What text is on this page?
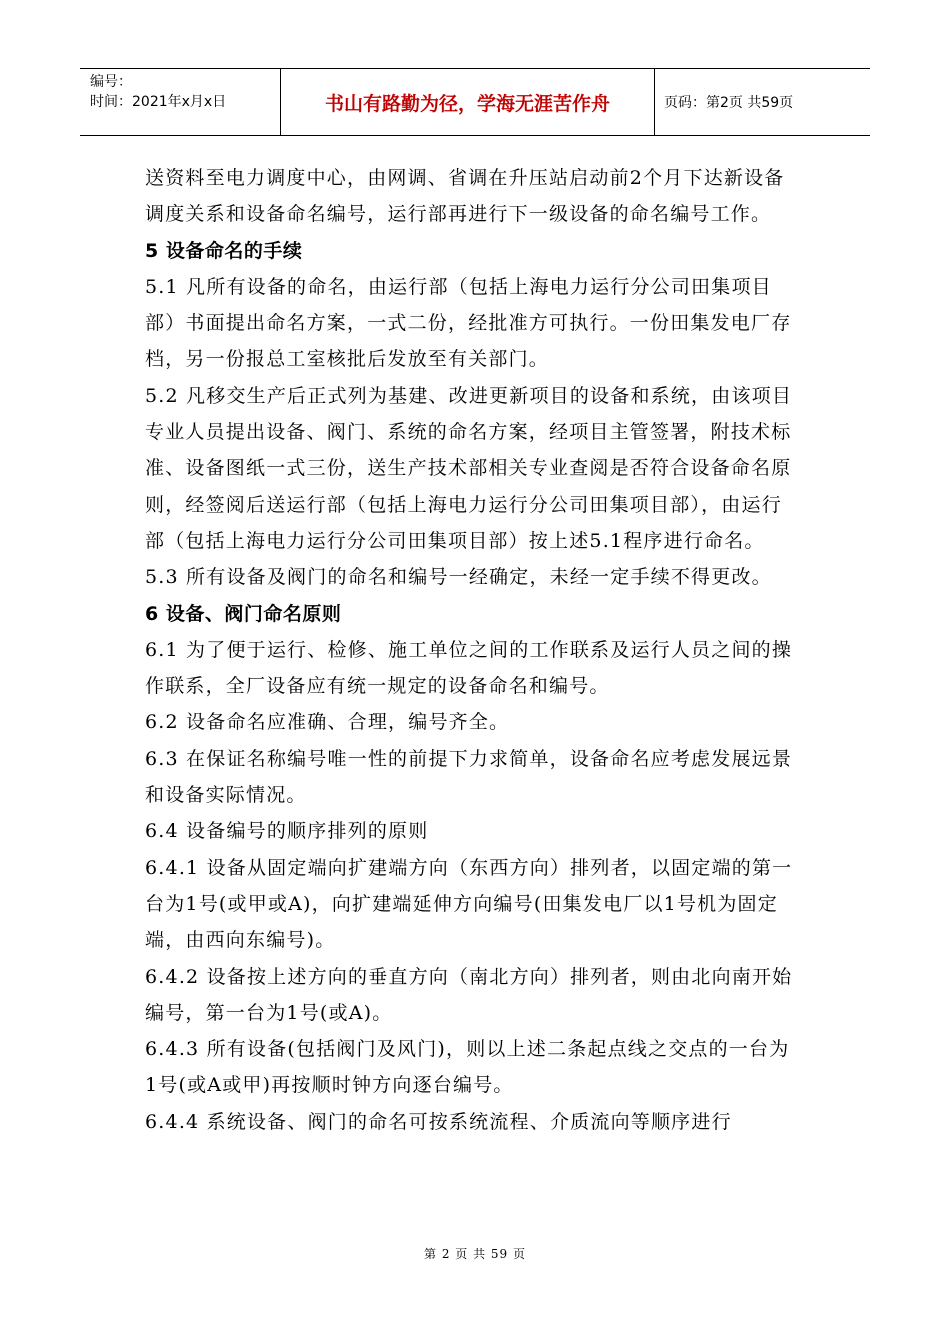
编号：
时间：2021年x月x日	书山有路勤为径，学海无涯苦作舟	页码：第2页 共59页

送资料至电力调度中心，由网调、省调在升压站启动前2个月下达新设备调度关系和设备命名编号，运行部再进行下一级设备的命名编号工作。

5 设备命名的手续

5.1 凡所有设备的命名，由运行部（包括上海电力运行分公司田集项目部）书面提出命名方案，一式二份，经批准方可执行。一份田集发电厂存档，另一份报总工室核批后发放至有关部门。

5.2 凡移交生产后正式列为基建、改进更新项目的设备和系统，由该项目专业人员提出设备、阀门、系统的命名方案，经项目主管签署，附技术标准、设备图纸一式三份，送生产技术部相关专业查阅是否符合设备命名原则，经签阅后送运行部（包括上海电力运行分公司田集项目部），由运行部（包括上海电力运行分公司田集项目部）按上述5.1程序进行命名。

5.3 所有设备及阀门的命名和编号一经确定，未经一定手续不得更改。

6 设备、阀门命名原则

6.1 为了便于运行、检修、施工单位之间的工作联系及运行人员之间的操作联系，全厂设备应有统一规定的设备命名和编号。

6.2 设备命名应准确、合理，编号齐全。

6.3 在保证名称编号唯一性的前提下力求简单，设备命名应考虑发展远景和设备实际情况。

6.4 设备编号的顺序排列的原则

6.4.1 设备从固定端向扩建端方向（东西方向）排列者，以固定端的第一台为1号(或甲或A)，向扩建端延伸方向编号(田集发电厂以1号机为固定端，由西向东编号)。

6.4.2 设备按上述方向的垂直方向（南北方向）排列者，则由北向南开始编号，第一台为1号(或A)。

6.4.3 所有设备(包括阀门及风门)，则以上述二条起点线之交点的一台为1号(或A或甲)再按顺时钟方向逐台编号。

6.4.4 系统设备、阀门的命名可按系统流程、介质流向等顺序进行

第 2 页 共 59 页
